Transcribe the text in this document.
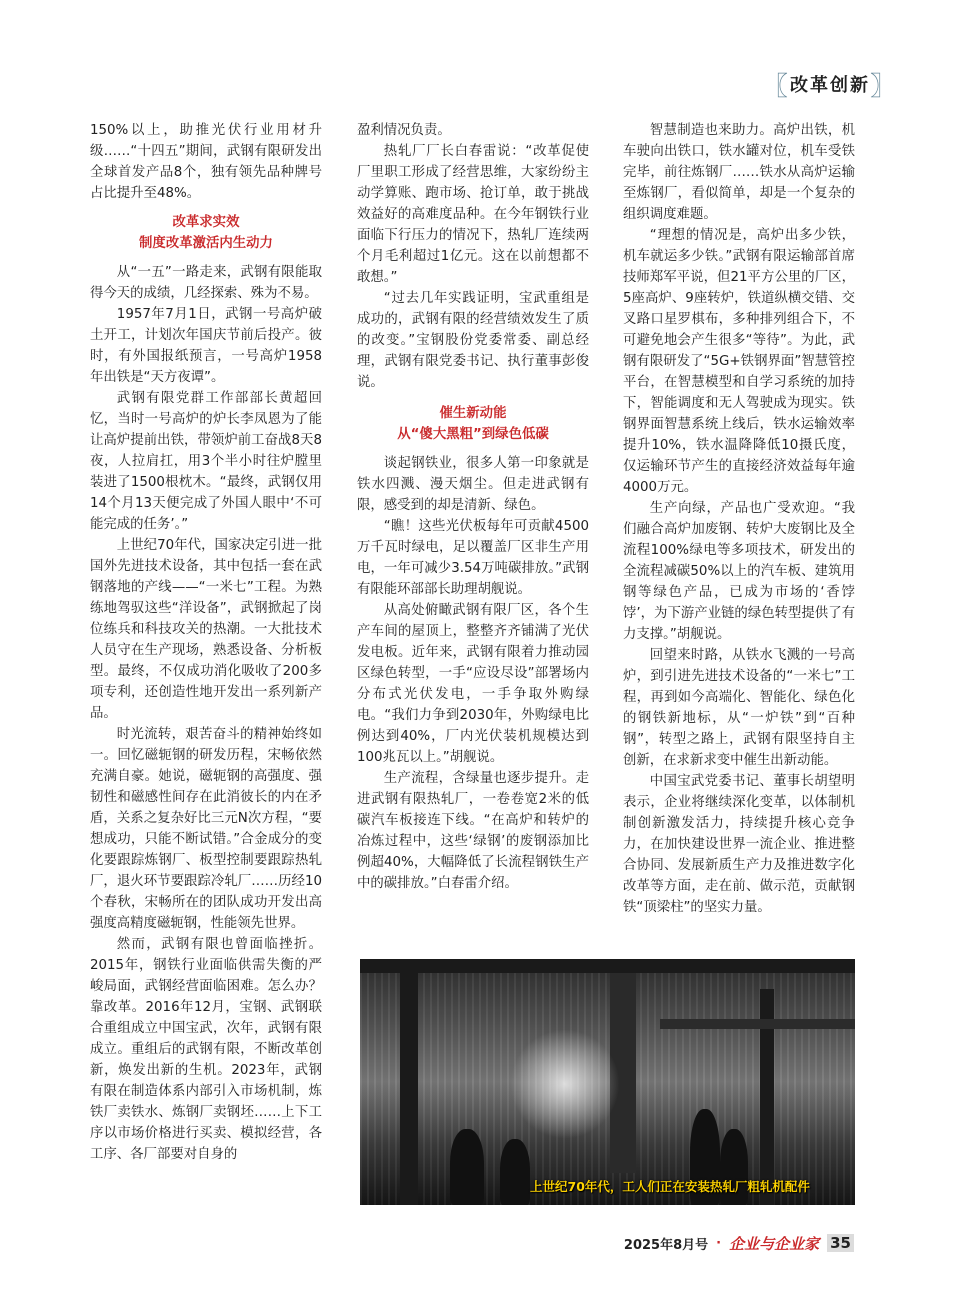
〖 改革创新 〗

150%以上，助推光伏行业用材升级……“十四五”期间，武钢有限研发出全球首发产品8个，独有领先品种牌号占比提升至48%。

改革求实效
制度改革激活内生动力

从“一五”一路走来，武钢有限能取得今天的成绩，几经探索、殊为不易。

1957年7月1日，武钢一号高炉破土开工，计划次年国庆节前后投产。彼时，有外国报纸预言，一号高炉1958年出铁是“天方夜谭”。

武钢有限党群工作部部长黄超回忆，当时一号高炉的炉长李凤恩为了能让高炉提前出铁，带领炉前工奋战8天8夜，人拉肩扛，用3个半小时往炉膛里装进了1500根枕木。“最终，武钢仅用14个月13天便完成了外国人眼中‘不可能完成的任务’。”

上世纪70年代，国家决定引进一批国外先进技术设备，其中包括一套在武钢落地的产线——“一米七”工程。为熟练地驾驭这些“洋设备”，武钢掀起了岗位练兵和科技攻关的热潮。一大批技术人员守在生产现场，熟悉设备、分析板型。最终，不仅成功消化吸收了200多项专利，还创造性地开发出一系列新产品。

时光流转，艰苦奋斗的精神始终如一。回忆磁轭钢的研发历程，宋畅依然充满自豪。她说，磁轭钢的高强度、强韧性和磁感性间存在此消彼长的内在矛盾，关系之复杂好比三元N次方程，“要想成功，只能不断试错。”合金成分的变化要跟踪炼钢厂、板型控制要跟踪热轧厂，退火环节要跟踪冷轧厂……历经10个春秋，宋畅所在的团队成功开发出高强度高精度磁轭钢，性能领先世界。

然而，武钢有限也曾面临挫折。2015年，钢铁行业面临供需失衡的严峻局面，武钢经营面临困难。怎么办？靠改革。2016年12月，宝钢、武钢联合重组成立中国宝武，次年，武钢有限成立。重组后的武钢有限，不断改革创新，焕发出新的生机。2023年，武钢有限在制造体系内部引入市场机制，炼铁厂卖铁水、炼钢厂卖钢坯……上下工序以市场价格进行买卖、模拟经营，各工序、各厂部要对自身的

盈利情况负责。

热轧厂厂长白春雷说：“改革促使厂里职工形成了经营思维，大家纷纷主动学算账、跑市场、抢订单，敢于挑战效益好的高难度品种。在今年钢铁行业面临下行压力的情况下，热轧厂连续两个月毛利超过1亿元。这在以前想都不敢想。”

“过去几年实践证明，宝武重组是成功的，武钢有限的经营绩效发生了质的改变。”宝钢股份党委常委、副总经理，武钢有限党委书记、执行董事彭俊说。

催生新动能
从“傻大黑粗”到绿色低碳

谈起钢铁业，很多人第一印象就是铁水四溅、漫天烟尘。但走进武钢有限，感受到的却是清新、绿色。

“瞧！这些光伏板每年可贡献4500万千瓦时绿电，足以覆盖厂区非生产用电，一年可减少3.54万吨碳排放。”武钢有限能环部部长助理胡舰说。

从高处俯瞰武钢有限厂区，各个生产车间的屋顶上，整整齐齐铺满了光伏发电板。近年来，武钢有限着力推动园区绿色转型，一手“应设尽设”部署场内分布式光伏发电，一手争取外购绿电。“我们力争到2030年，外购绿电比例达到40%，厂内光伏装机规模达到100兆瓦以上。”胡舰说。

生产流程，含绿量也逐步提升。走进武钢有限热轧厂，一卷卷宽2米的低碳汽车板接连下线。“在高炉和转炉的冶炼过程中，这些‘绿钢’的废钢添加比例超40%，大幅降低了长流程钢铁生产中的碳排放。”白春雷介绍。

智慧制造也来助力。高炉出铁，机车驶向出铁口，铁水罐对位，机车受铁完毕，前往炼钢厂……铁水从高炉运输至炼钢厂，看似简单，却是一个复杂的组织调度难题。

“理想的情况是，高炉出多少铁，机车就运多少铁。”武钢有限运输部首席技师郑军平说，但21平方公里的厂区，5座高炉、9座转炉，铁道纵横交错、交叉路口星罗棋布，多种排列组合下，不可避免地会产生很多“等待”。为此，武钢有限研发了“5G+铁钢界面”智慧管控平台，在智慧模型和自学习系统的加持下，智能调度和无人驾驶成为现实。铁钢界面智慧系统上线后，铁水运输效率提升10%，铁水温降降低10摄氏度，仅运输环节产生的直接经济效益每年逾4000万元。

生产向绿，产品也广受欢迎。“我们融合高炉加废钢、转炉大废钢比及全流程100%绿电等多项技术，研发出的全流程减碳50%以上的汽车板、建筑用钢等绿色产品，已成为市场的‘香饽饽’，为下游产业链的绿色转型提供了有力支撑。”胡舰说。

回望来时路，从铁水飞溅的一号高炉，到引进先进技术设备的“一米七”工程，再到如今高端化、智能化、绿色化的钢铁新地标，从“一炉铁”到“百种钢”，转型之路上，武钢有限坚持自主创新，在求新求变中催生出新动能。

中国宝武党委书记、董事长胡望明表示，企业将继续深化变革，以体制机制创新激发活力，持续提升核心竞争力，在加快建设世界一流企业、推进整合协同、发展新质生产力及推进数字化改革等方面，走在前、做示范，贡献钢铁“顶梁柱”的坚实力量。

上世纪70年代，工人们正在安装热轧厂粗轧机配件
2025年8月号 · 企业与企业家 35
